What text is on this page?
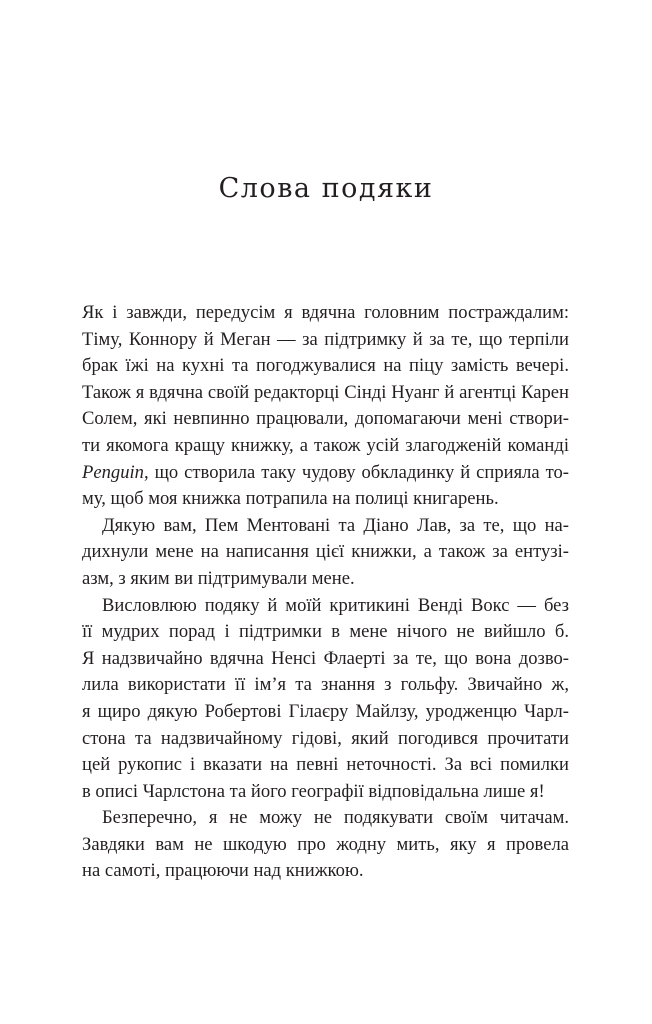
Слова подяки
Як і завжди, передусім я вдячна головним постраждалим:
Тіму, Коннору й Меган — за підтримку й за те, що терпіли
брак їжі на кухні та погоджувалися на піцу замість вечері.
Також я вдячна своїй редакторці Сінді Нуанг й агентці Карен
Солем, які невпинно працювали, допомагаючи мені створи-
ти якомога кращу книжку, а також усій злагодженій команді
Penguin, що створила таку чудову обкладинку й сприяла то-
му, щоб моя книжка потрапила на полиці книгарень.
Дякую вам, Пем Ментовані та Діано Лав, за те, що на-
дихнули мене на написання цієї книжки, а також за ентузі-
азм, з яким ви підтримували мене.
Висловлюю подяку й моїй критикині Венді Вокс — без
її мудрих порад і підтримки в мене нічого не вийшло б.
Я надзвичайно вдячна Ненсі Флаерті за те, що вона дозво-
лила використати її ім’я та знання з гольфу. Звичайно ж,
я щиро дякую Робертові Гілаєру Майлзу, уродженцю Чарл-
стона та надзвичайному гідові, який погодився прочитати
цей рукопис і вказати на певні неточності. За всі помилки
в описі Чарлстона та його географії відповідальна лише я!
Безперечно, я не можу не подякувати своїм читачам.
Завдяки вам не шкодую про жодну мить, яку я провела
на самоті, працюючи над книжкою.
